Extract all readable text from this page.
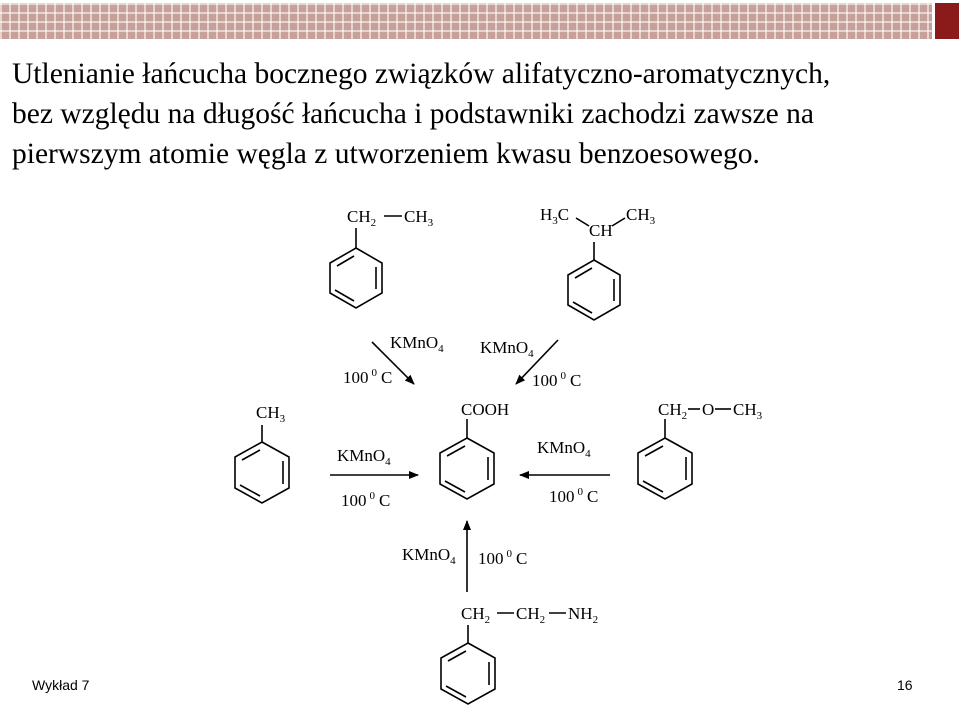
Utlenianie łańcucha bocznego związków alifatyczno-aromatycznych,
bez względu na długość łańcucha i podstawniki zachodzi zawsze na
pierwszym atomie węgla z utworzeniem kwasu benzoesowego.
$CH_2$ $CH_3$	$H_3C$
CH
$CH_3$
$CH_3$	COOH	$CH_2$ O $CH_3$
$CH_2$ $CH_2$ $NH_2$
KMnO$_4$
100 $^0$ C
KMnO$_4$
100 $^0$ C
KMnO$_4$
100 $^0$ C
KMnO$_4$
100 $^0$ C
KMnO$_4$ 100 $^0$ C
Wykład 7	16
